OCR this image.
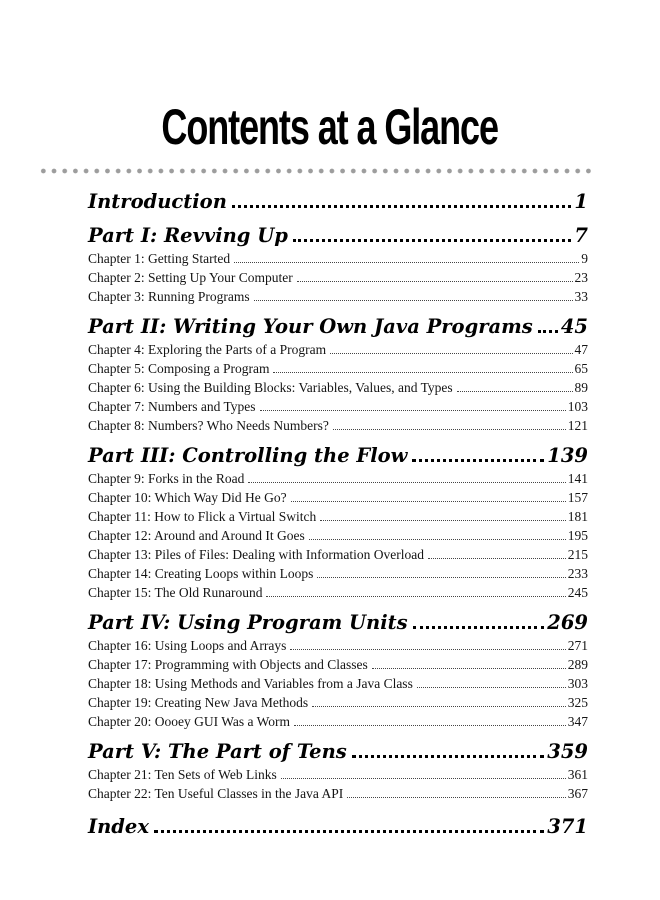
Contents at a Glance
Introduction	1
Part I: Revving Up	7
Chapter 1: Getting Started	9
Chapter 2: Setting Up Your Computer	23
Chapter 3: Running Programs	33
Part II: Writing Your Own Java Programs 45
Chapter 4: Exploring the Parts of a Program	47
Chapter 5: Composing a Program	65
Chapter 6: Using the Building Blocks: Variables, Values, and Types	89
Chapter 7: Numbers and Types	103
Chapter 8: Numbers? Who Needs Numbers?	121
Part III: Controlling the Flow	139
Chapter 9: Forks in the Road	141
Chapter 10: Which Way Did He Go?	157
Chapter 11: How to Flick a Virtual Switch	181
Chapter 12: Around and Around It Goes	195
Chapter 13: Piles of Files: Dealing with Information Overload	215
Chapter 14: Creating Loops within Loops	233
Chapter 15: The Old Runaround	245
Part IV: Using Program Units	269
Chapter 16: Using Loops and Arrays	271
Chapter 17: Programming with Objects and Classes	289
Chapter 18: Using Methods and Variables from a Java Class	303
Chapter 19: Creating New Java Methods	325
Chapter 20: Oooey GUI Was a Worm	347
Part V: The Part of Tens	359
Chapter 21: Ten Sets of Web Links	361
Chapter 22: Ten Useful Classes in the Java API	367
Index	371
